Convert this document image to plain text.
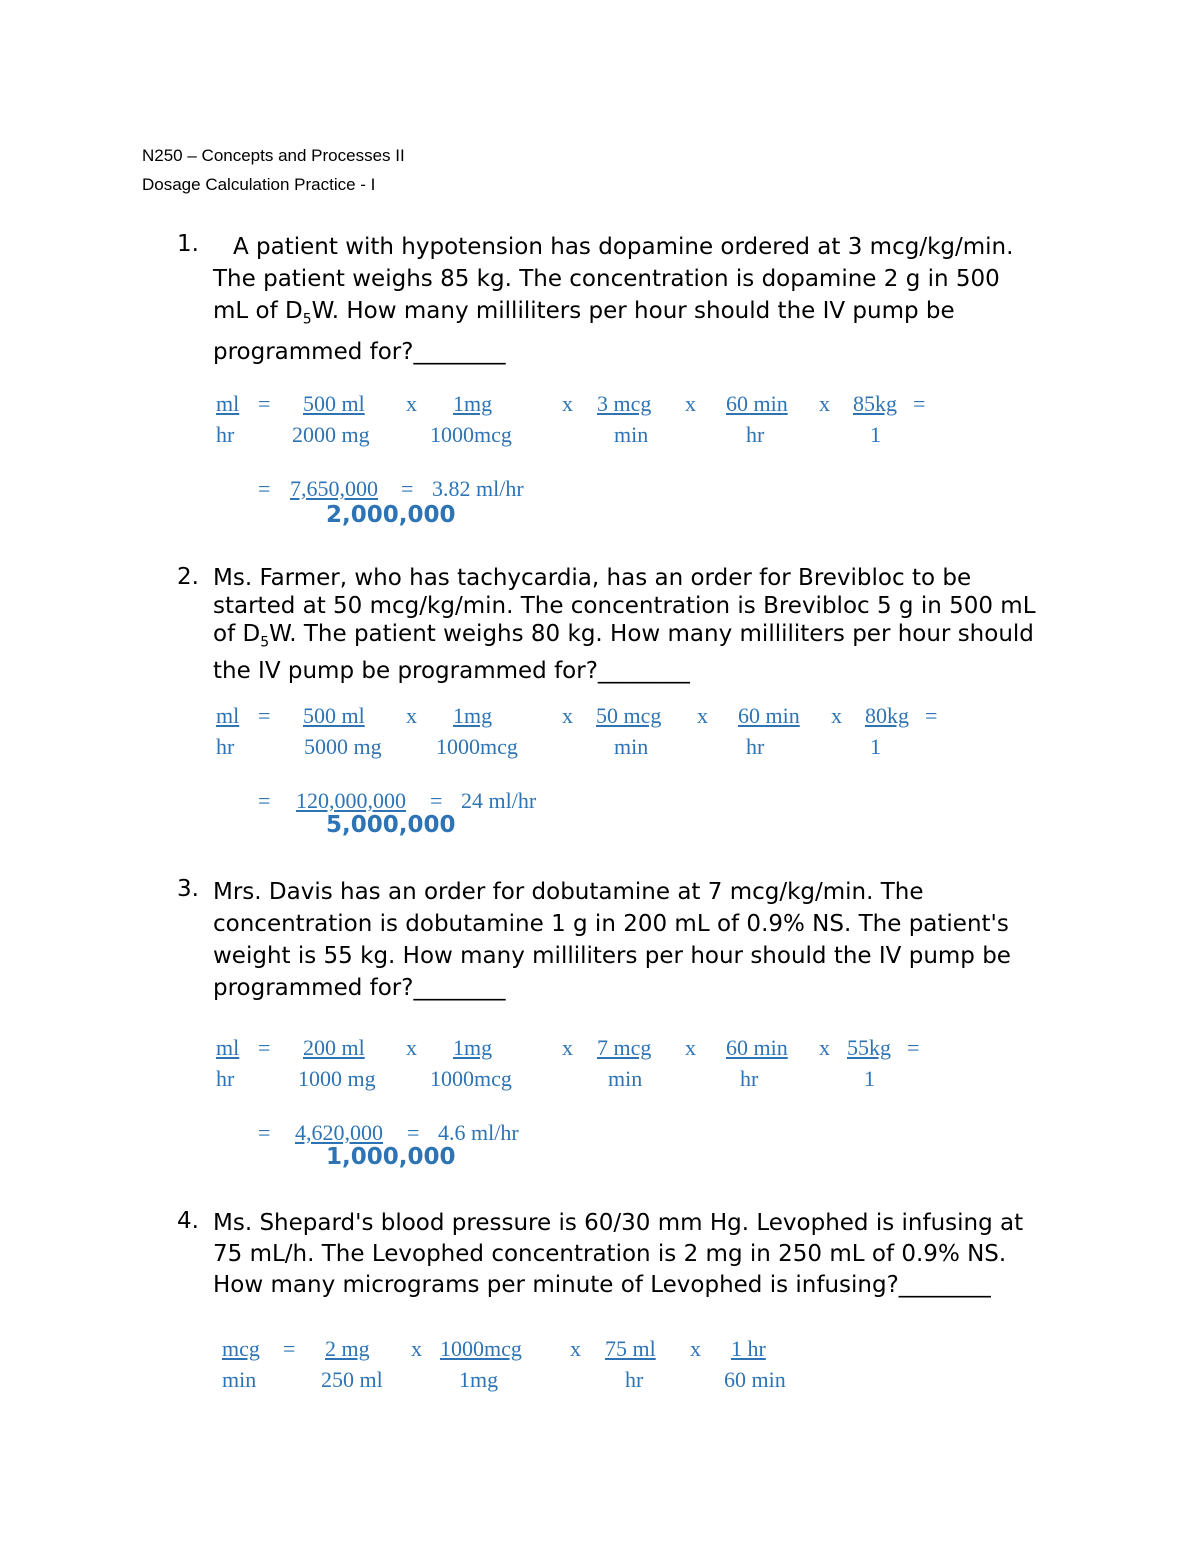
N250 – Concepts and Processes II
Dosage Calculation Practice - I
1.	A patient with hypotension has dopamine ordered at 3 mcg/kg/min.

The patient weighs 85 kg. The concentration is dopamine 2 g in 500

mL of $D_5W$. How many milliliters per hour should the IV pump be

programmed for?________

ml = 500 ml x 1mg	x 3 mcg x 60 min x 85kg =
hr	2000 mg	1000mcg	min	hr	1
= 7,650,000 = 3.82 ml/hr
2,000,000
2. Ms. Farmer, who has tachycardia, has an order for Brevibloc to be

started at 50 mcg/kg/min. The concentration is Brevibloc 5 g in 500 mL

of $D_5W$. The patient weighs 80 kg. How many milliliters per hour should

the IV pump be programmed for?________

ml = 500 ml x 1mg	x 50 mcg x 60 min x 80kg =
hr	5000 mg 1000mcg	min	hr	1
= 120,000,000 = 24 ml/hr
5,000,000
3. Mrs. Davis has an order for dobutamine at 7 mcg/kg/min. The

concentration is dobutamine 1 g in 200 mL of 0.9% NS. The patient's

weight is 55 kg. How many milliliters per hour should the IV pump be

programmed for?________

ml = 200 ml x 1mg	x 7 mcg x 60 min x 55kg =
hr	1000 mg 1000mcg	min	hr	1
= 4,620,000 = 4.6 ml/hr
1,000,000
4. Ms. Shepard's blood pressure is 60/30 mm Hg. Levophed is infusing at

75 mL/h. The Levophed concentration is 2 mg in 250 mL of 0.9% NS.

How many micrograms per minute of Levophed is infusing?________

mcg = 2 mg x 1000mcg x 75 ml x 1 hr
min	250 ml	1mg	hr	60 min
